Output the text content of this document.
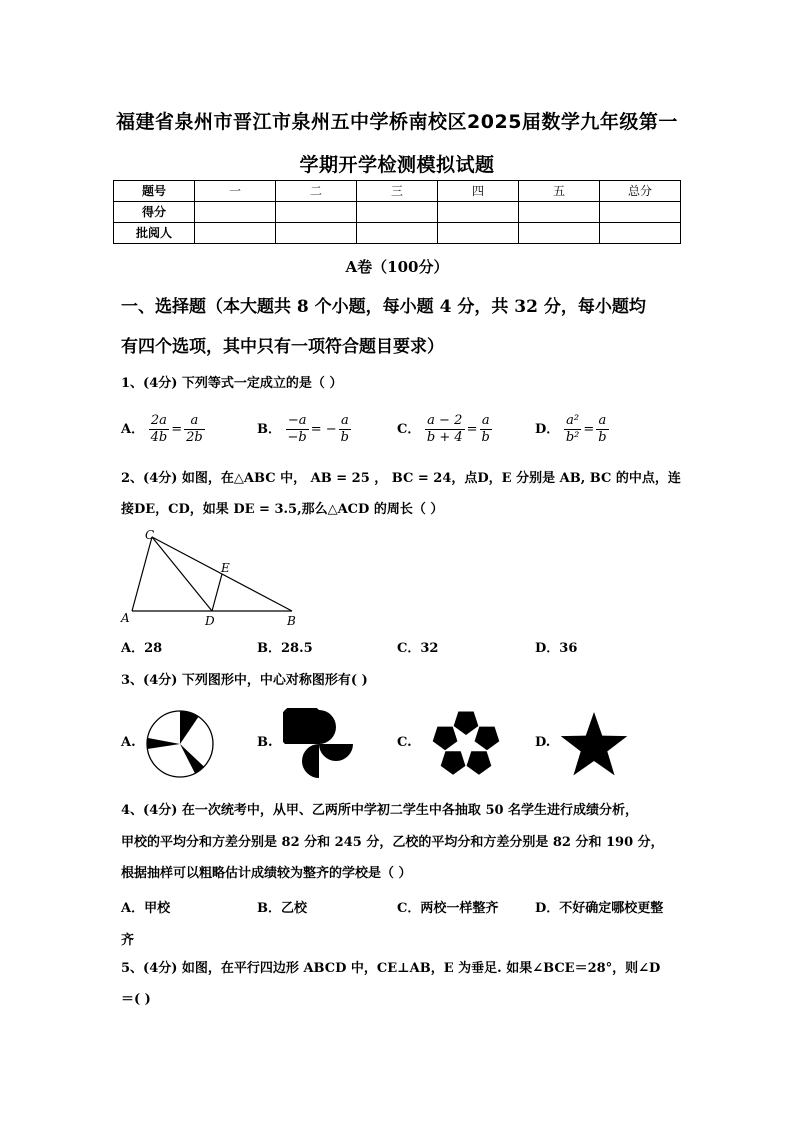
福建省泉州市晋江市泉州五中学桥南校区2025届数学九年级第一
学期开学检测模拟试题
题号	一	二	三	四	五	总分
得分						
批阅人						
A卷（100分）
一、选择题（本大题共 8 个小题，每小题 4 分，共 32 分，每小题均
有四个选项，其中只有一项符合题目要求）
1、(4分) 下列等式一定成立的是（ ）
A． $\frac{2a}{4b} = \frac{a}{2b}$	B． $\frac{-a}{-b}$ = − $\frac{a}{b}$	C． $\frac{a - 2}{b + 4} = \frac{a}{b}$	D． $\frac{\text{a²}}{\text{b²}} = \frac{a}{b}$
2、(4分) 如图，在△ABC 中， AB = 25 ， BC = 24，点D，E 分别是 AB, BC 的中点，连
接DE，CD，如果 DE = 3.5,那么△ACD 的周长（ ）
C
E
A	D	B
A．28	B．28.5	C．32	D．36
3、(4分) 下列图形中，中心对称图形有( )
A.	B.	C.	D.
4、(4分) 在一次统考中，从甲、乙两所中学初二学生中各抽取 50 名学生进行成绩分析，
甲校的平均分和方差分别是 82 分和 245 分，乙校的平均分和方差分别是 82 分和 190 分，
根据抽样可以粗略估计成绩较为整齐的学校是（ ）
A．甲校	B．乙校	C．两校一样整齐	D．不好确定哪校更整
齐
5、(4分) 如图，在平行四边形 ABCD 中，CE⊥AB，E 为垂足. 如果∠BCE＝28°，则∠D
＝( )
